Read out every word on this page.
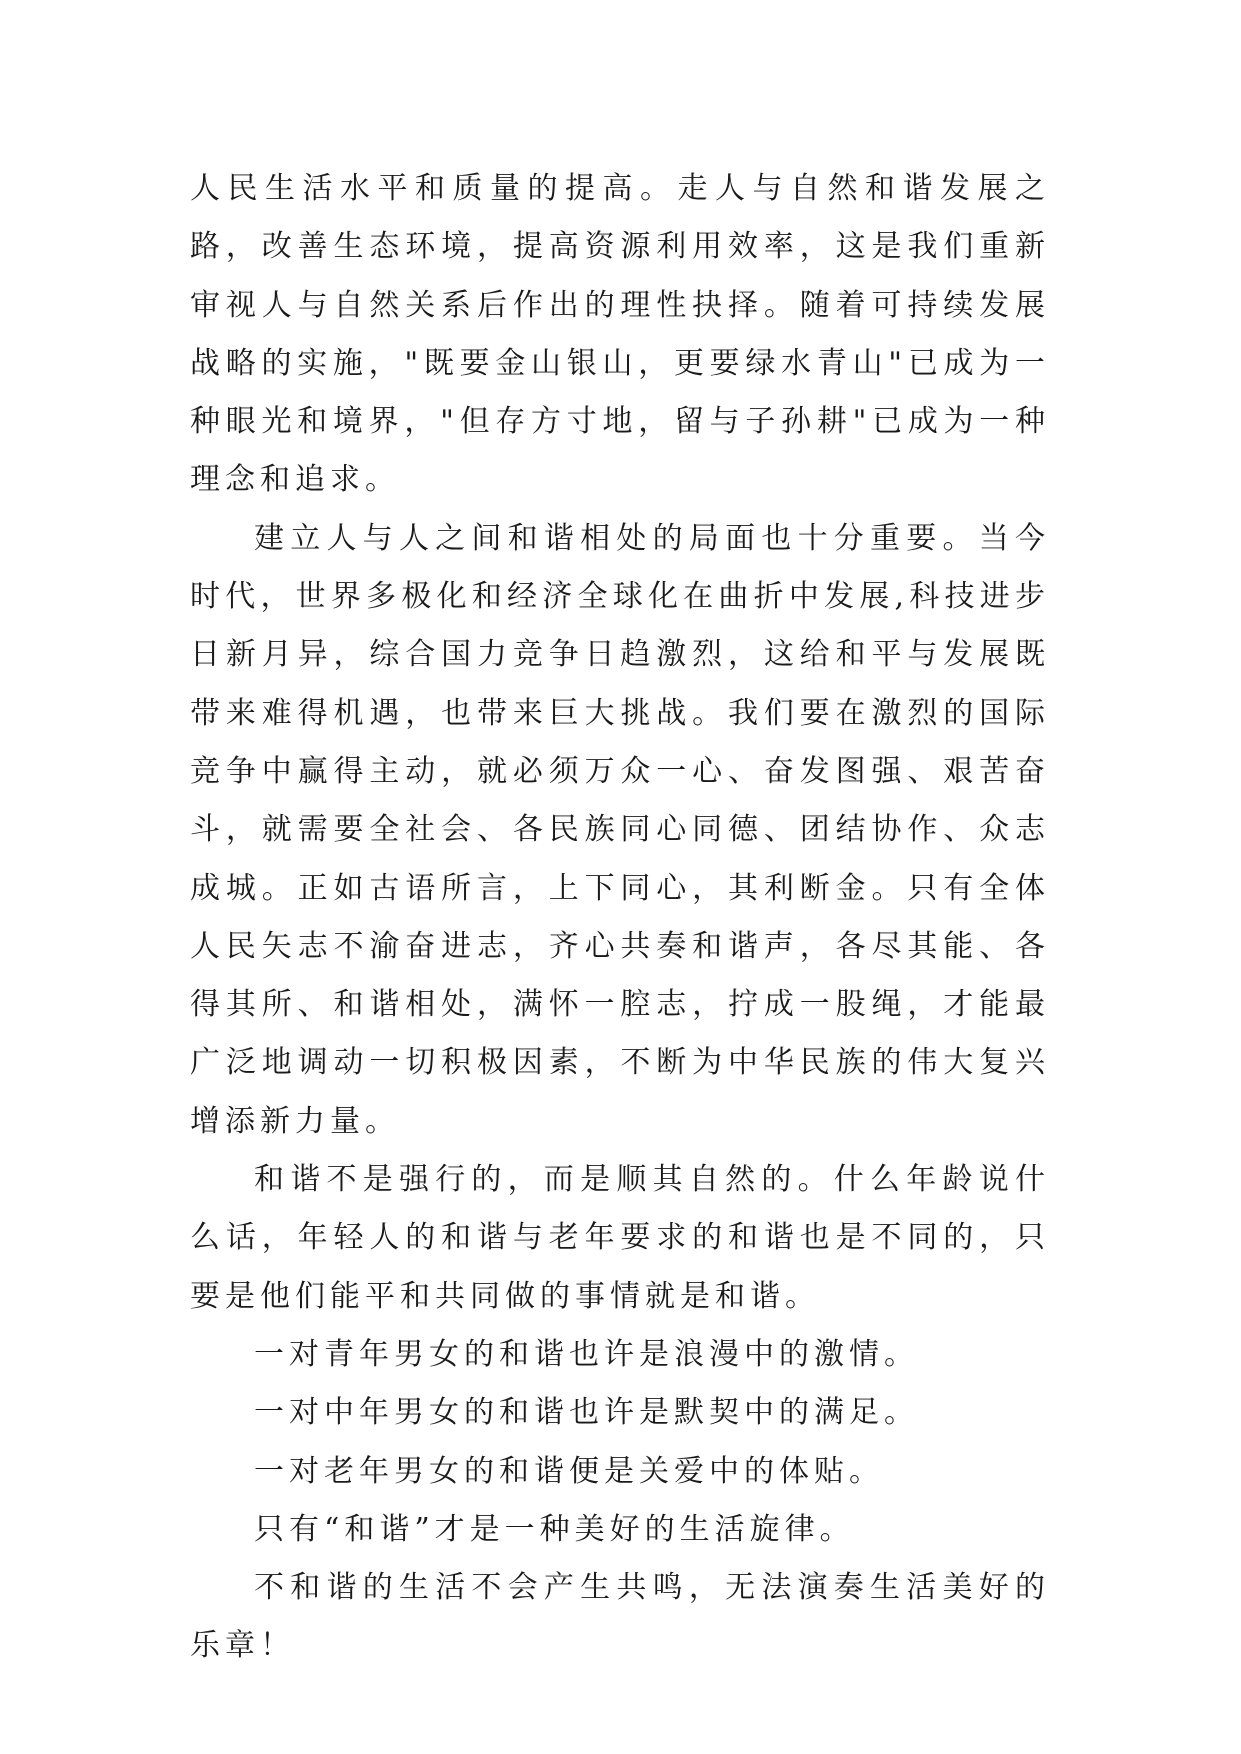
人民生活水平和质量的提高。走人与自然和谐发展之路，改善生态环境，提高资源利用效率，这是我们重新审视人与自然关系后作出的理性抉择。随着可持续发展战略的实施，"既要金山银山，更要绿水青山"已成为一种眼光和境界，"但存方寸地，留与子孙耕"已成为一种理念和追求。

建立人与人之间和谐相处的局面也十分重要。当今时代，世界多极化和经济全球化在曲折中发展,科技进步日新月异，综合国力竞争日趋激烈，这给和平与发展既带来难得机遇，也带来巨大挑战。我们要在激烈的国际竞争中赢得主动，就必须万众一心、奋发图强、艰苦奋斗，就需要全社会、各民族同心同德、团结协作、众志成城。正如古语所言，上下同心，其利断金。只有全体人民矢志不渝奋进志，齐心共奏和谐声，各尽其能、各得其所、和谐相处，满怀一腔志，拧成一股绳，才能最广泛地调动一切积极因素，不断为中华民族的伟大复兴增添新力量。

和谐不是强行的，而是顺其自然的。什么年龄说什么话，年轻人的和谐与老年要求的和谐也是不同的，只要是他们能平和共同做的事情就是和谐。

一对青年男女的和谐也许是浪漫中的激情。

一对中年男女的和谐也许是默契中的满足。

一对老年男女的和谐便是关爱中的体贴。

只有“和谐”才是一种美好的生活旋律。

不和谐的生活不会产生共鸣，无法演奏生活美好的乐章！
